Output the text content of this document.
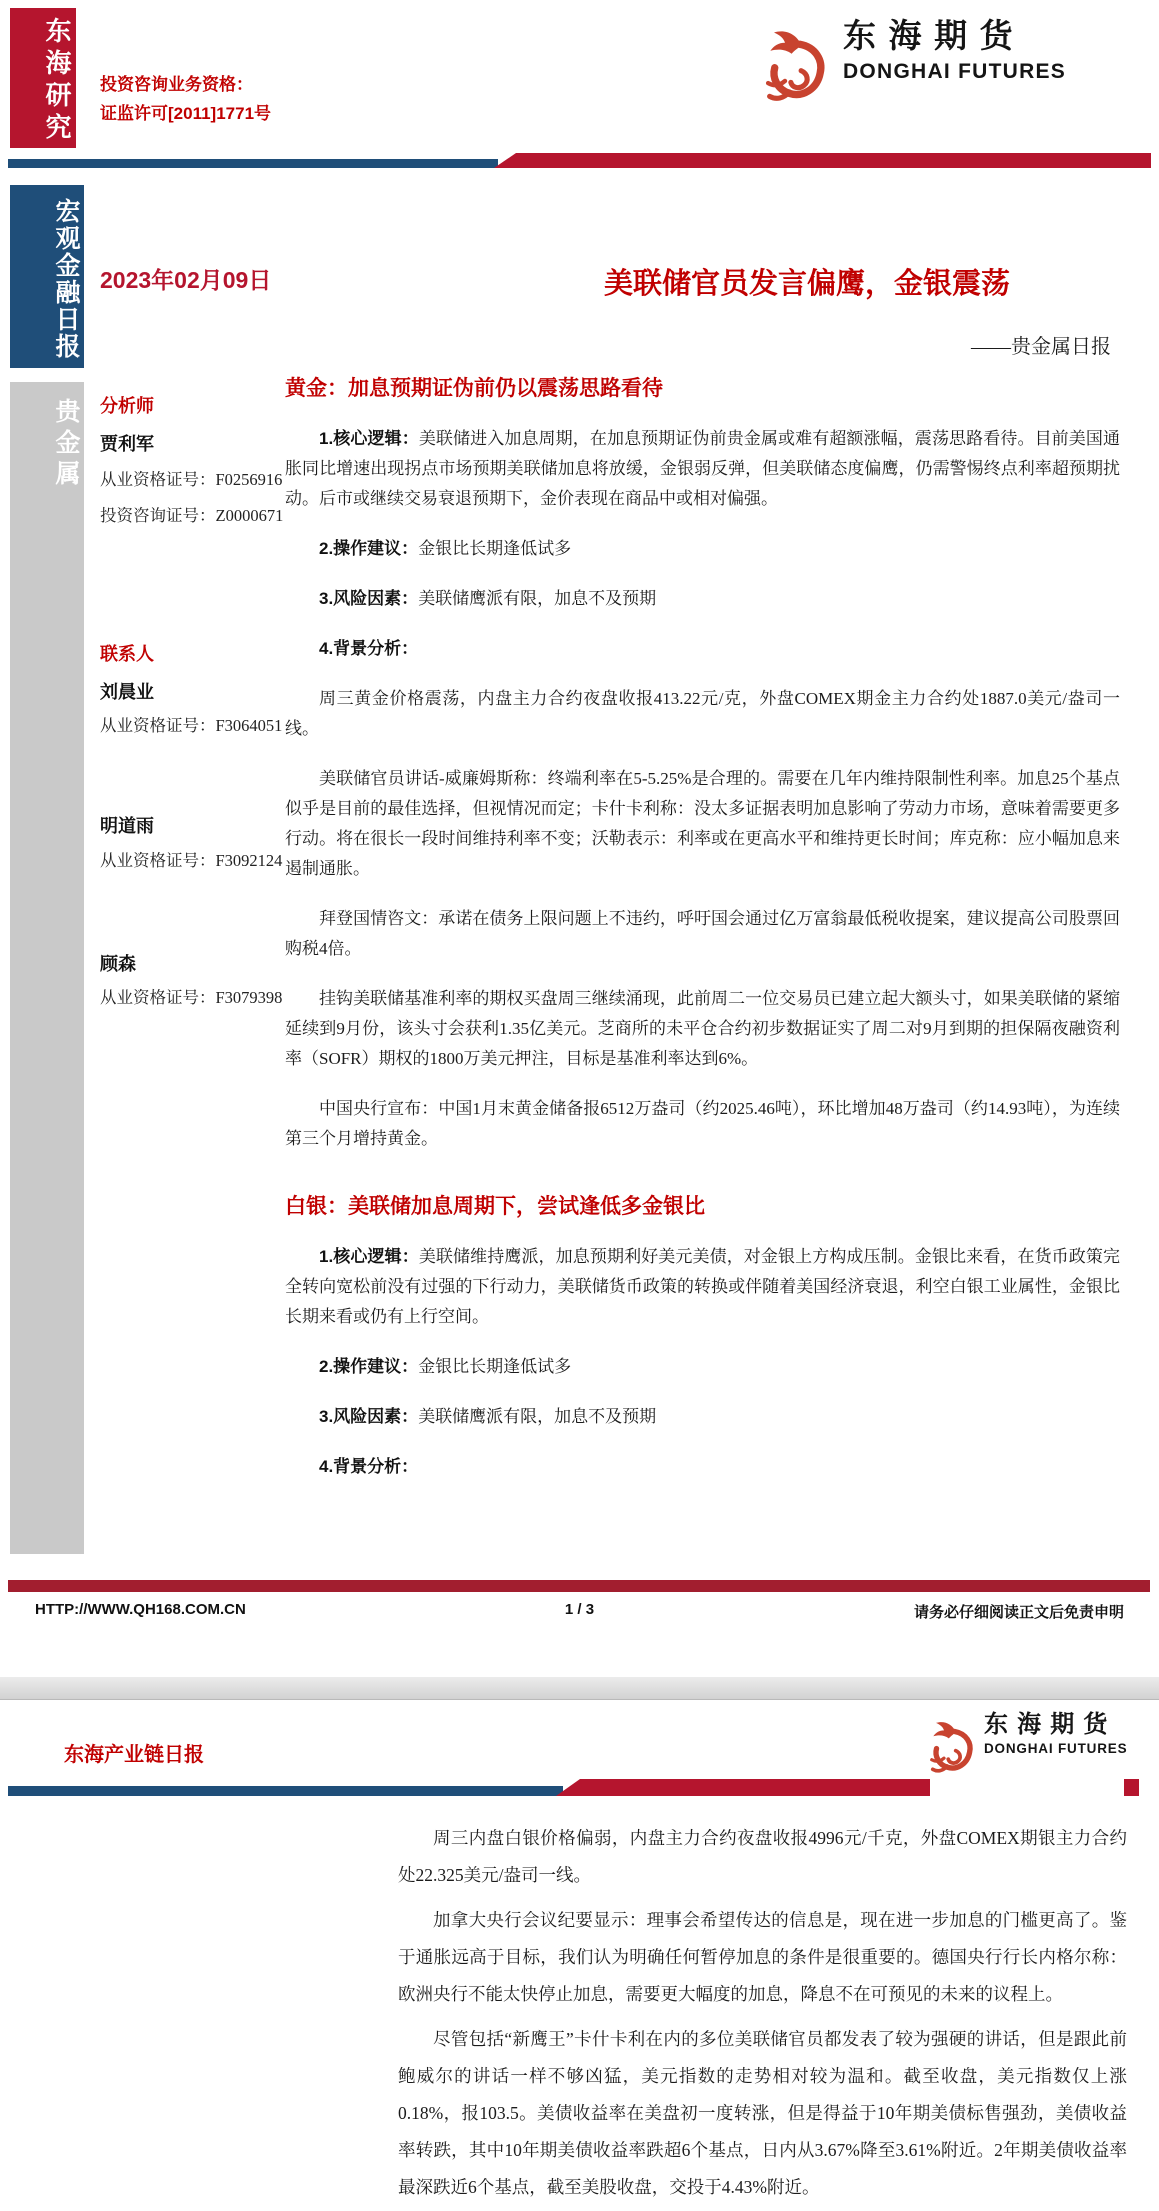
东海研究 投资咨询业务资格：
证监许可[2011]1771号
东海期货
DONGHAI FUTURES
宏观金融日报
贵金属
2023年02月09日	美联储官员发言偏鹰，金银震荡
——贵金属日报
分析师
贾利军
从业资格证号：F0256916
投资咨询证号：Z0000671
联系人
刘晨业
从业资格证号：F3064051
明道雨
从业资格证号：F3092124
顾森
从业资格证号：F3079398
黄金：加息预期证伪前仍以震荡思路看待

1.核心逻辑：美联储进入加息周期，在加息预期证伪前贵金属或难有超额涨幅，震荡思路看待。目前美国通胀同比增速出现拐点市场预期美联储加息将放缓，金银弱反弹，但美联储态度偏鹰，仍需警惕终点利率超预期扰动。后市或继续交易衰退预期下，金价表现在商品中或相对偏强。

2.操作建议：金银比长期逢低试多

3.风险因素：美联储鹰派有限，加息不及预期

4.背景分析：

周三黄金价格震荡，内盘主力合约夜盘收报413.22元/克，外盘COMEX期金主力合约处1887.0美元/盎司一线。

美联储官员讲话-威廉姆斯称：终端利率在5-5.25%是合理的。需要在几年内维持限制性利率。加息25个基点似乎是目前的最佳选择，但视情况而定；卡什卡利称：没太多证据表明加息影响了劳动力市场，意味着需要更多行动。将在很长一段时间维持利率不变；沃勒表示：利率或在更高水平和维持更长时间；库克称：应小幅加息来遏制通胀。

拜登国情咨文：承诺在债务上限问题上不违约，呼吁国会通过亿万富翁最低税收提案，建议提高公司股票回购税4倍。

挂钩美联储基准利率的期权买盘周三继续涌现，此前周二一位交易员已建立起大额头寸，如果美联储的紧缩延续到9月份，该头寸会获利1.35亿美元。芝商所的未平仓合约初步数据证实了周二对9月到期的担保隔夜融资利率（SOFR）期权的1800万美元押注，目标是基准利率达到6%。

中国央行宣布：中国1月末黄金储备报6512万盎司（约2025.46吨），环比增加48万盎司（约14.93吨），为连续第三个月增持黄金。

白银：美联储加息周期下，尝试逢低多金银比

1.核心逻辑：美联储维持鹰派，加息预期利好美元美债，对金银上方构成压制。金银比来看，在货币政策完全转向宽松前没有过强的下行动力，美联储货币政策的转换或伴随着美国经济衰退，利空白银工业属性，金银比长期来看或仍有上行空间。

2.操作建议：金银比长期逢低试多

3.风险因素：美联储鹰派有限，加息不及预期

4.背景分析：

HTTP://WWW.QH168.COM.CN	1 / 3	请务必仔细阅读正文后免责申明
东海产业链日报
东海期货
DONGHAI FUTURES

周三内盘白银价格偏弱，内盘主力合约夜盘收报4996元/千克，外盘COMEX期银主力合约处22.325美元/盎司一线。

加拿大央行会议纪要显示：理事会希望传达的信息是，现在进一步加息的门槛更高了。鉴于通胀远高于目标，我们认为明确任何暂停加息的条件是很重要的。德国央行行长内格尔称：欧洲央行不能太快停止加息，需要更大幅度的加息，降息不在可预见的未来的议程上。

尽管包括“新鹰王”卡什卡利在内的多位美联储官员都发表了较为强硬的讲话，但是跟此前鲍威尔的讲话一样不够凶猛，美元指数的走势相对较为温和。截至收盘，美元指数仅上涨0.18%，报103.5。美债收益率在美盘初一度转涨，但是得益于10年期美债标售强劲，美债收益率转跌，其中10年期美债收益率跌超6个基点，日内从3.67%降至3.61%附近。2年期美债收益率最深跌近6个基点，截至美股收盘，交投于4.43%附近。
